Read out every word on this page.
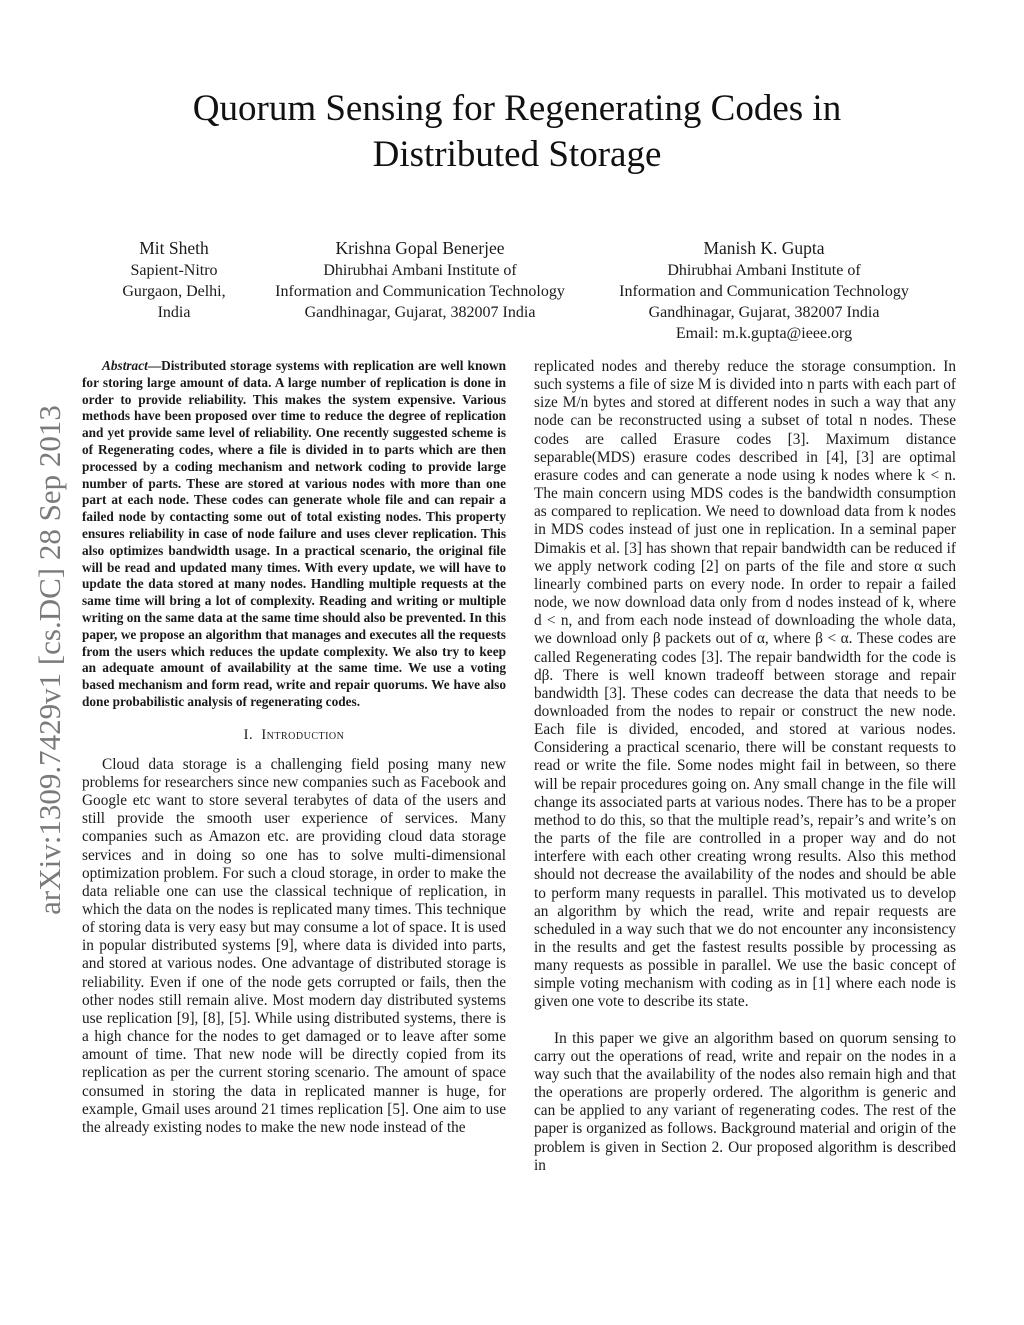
arXiv:1309.7429v1 [cs.DC] 28 Sep 2013
Quorum Sensing for Regenerating Codes in Distributed Storage
Mit Sheth
Sapient-Nitro
Gurgaon, Delhi,
India
Krishna Gopal Benerjee
Dhirubhai Ambani Institute of
Information and Communication Technology
Gandhinagar, Gujarat, 382007 India
Manish K. Gupta
Dhirubhai Ambani Institute of
Information and Communication Technology
Gandhinagar, Gujarat, 382007 India
Email: m.k.gupta@ieee.org

Abstract—Distributed storage systems with replication are well known for storing large amount of data. A large number of replication is done in order to provide reliability. This makes the system expensive. Various methods have been proposed over time to reduce the degree of replication and yet provide same level of reliability. One recently suggested scheme is of Regenerating codes, where a file is divided in to parts which are then processed by a coding mechanism and network coding to provide large number of parts. These are stored at various nodes with more than one part at each node. These codes can generate whole file and can repair a failed node by contacting some out of total existing nodes. This property ensures reliability in case of node failure and uses clever replication. This also optimizes bandwidth usage. In a practical scenario, the original file will be read and updated many times. With every update, we will have to update the data stored at many nodes. Handling multiple requests at the same time will bring a lot of complexity. Reading and writing or multiple writing on the same data at the same time should also be prevented. In this paper, we propose an algorithm that manages and executes all the requests from the users which reduces the update complexity. We also try to keep an adequate amount of availability at the same time. We use a voting based mechanism and form read, write and repair quorums. We have also done probabilistic analysis of regenerating codes.

I. Introduction

Cloud data storage is a challenging field posing many new problems for researchers since new companies such as Facebook and Google etc want to store several terabytes of data of the users and still provide the smooth user experience of services. Many companies such as Amazon etc. are providing cloud data storage services and in doing so one has to solve multi-dimensional optimization problem. For such a cloud storage, in order to make the data reliable one can use the classical technique of replication, in which the data on the nodes is replicated many times. This technique of storing data is very easy but may consume a lot of space. It is used in popular distributed systems [9], where data is divided into parts, and stored at various nodes. One advantage of distributed storage is reliability. Even if one of the node gets corrupted or fails, then the other nodes still remain alive. Most modern day distributed systems use replication [9], [8], [5]. While using distributed systems, there is a high chance for the nodes to get damaged or to leave after some amount of time. That new node will be directly copied from its replication as per the current storing scenario. The amount of space consumed in storing the data in replicated manner is huge, for example, Gmail uses around 21 times replication [5]. One aim to use the already existing nodes to make the new node instead of the

replicated nodes and thereby reduce the storage consumption. In such systems a file of size M is divided into n parts with each part of size M/n bytes and stored at different nodes in such a way that any node can be reconstructed using a subset of total n nodes. These codes are called Erasure codes [3]. Maximum distance separable(MDS) erasure codes described in [4], [3] are optimal erasure codes and can generate a node using k nodes where k < n. The main concern using MDS codes is the bandwidth consumption as compared to replication. We need to download data from k nodes in MDS codes instead of just one in replication. In a seminal paper Dimakis et al. [3] has shown that repair bandwidth can be reduced if we apply network coding [2] on parts of the file and store α such linearly combined parts on every node. In order to repair a failed node, we now download data only from d nodes instead of k, where d < n, and from each node instead of downloading the whole data, we download only β packets out of α, where β < α. These codes are called Regenerating codes [3]. The repair bandwidth for the code is dβ. There is well known tradeoff between storage and repair bandwidth [3]. These codes can decrease the data that needs to be downloaded from the nodes to repair or construct the new node. Each file is divided, encoded, and stored at various nodes. Considering a practical scenario, there will be constant requests to read or write the file. Some nodes might fail in between, so there will be repair procedures going on. Any small change in the file will change its associated parts at various nodes. There has to be a proper method to do this, so that the multiple read’s, repair’s and write’s on the parts of the file are controlled in a proper way and do not interfere with each other creating wrong results. Also this method should not decrease the availability of the nodes and should be able to perform many requests in parallel. This motivated us to develop an algorithm by which the read, write and repair requests are scheduled in a way such that we do not encounter any inconsistency in the results and get the fastest results possible by processing as many requests as possible in parallel. We use the basic concept of simple voting mechanism with coding as in [1] where each node is given one vote to describe its state.

In this paper we give an algorithm based on quorum sensing to carry out the operations of read, write and repair on the nodes in a way such that the availability of the nodes also remain high and that the operations are properly ordered. The algorithm is generic and can be applied to any variant of regenerating codes. The rest of the paper is organized as follows. Background material and origin of the problem is given in Section 2. Our proposed algorithm is described in
